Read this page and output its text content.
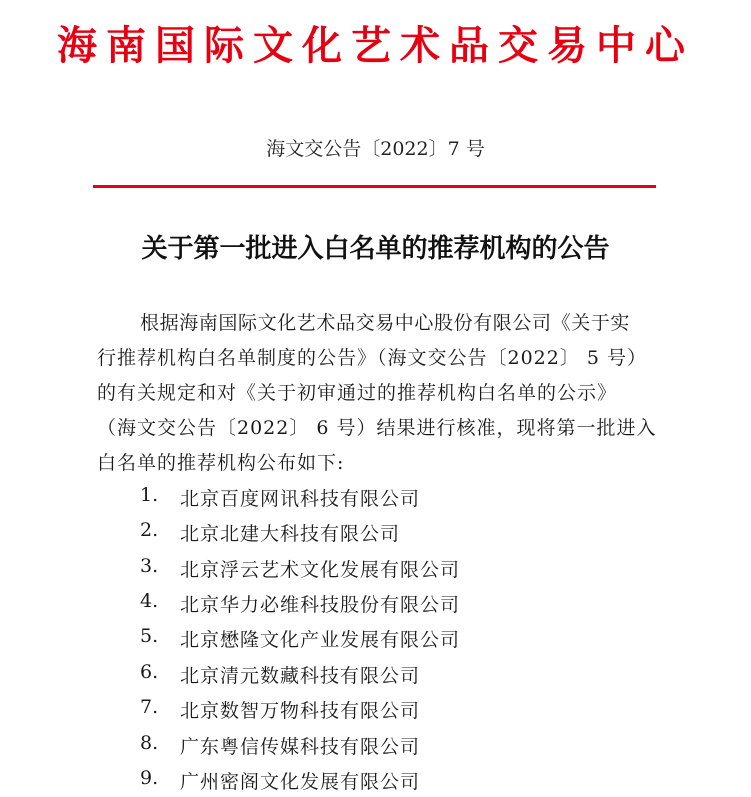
海南国际文化艺术品交易中心
海文交公告〔2022〕7 号
关于第一批进入白名单的推荐机构的公告
根据海南国际文化艺术品交易中心股份有限公司《关于实
行推荐机构白名单制度的公告》（海文交公告〔2022〕 5 号）
的有关规定和对《关于初审通过的推荐机构白名单的公示》
（海文交公告〔2022〕 6 号）结果进行核准，现将第一批进入
白名单的推荐机构公布如下:
1. 北京百度网讯科技有限公司
2. 北京北建大科技有限公司
3. 北京浮云艺术文化发展有限公司
4. 北京华力必维科技股份有限公司
5. 北京懋隆文化产业发展有限公司
6. 北京清元数藏科技有限公司
7. 北京数智万物科技有限公司
8. 广东粤信传媒科技有限公司
9. 广州密阁文化发展有限公司
